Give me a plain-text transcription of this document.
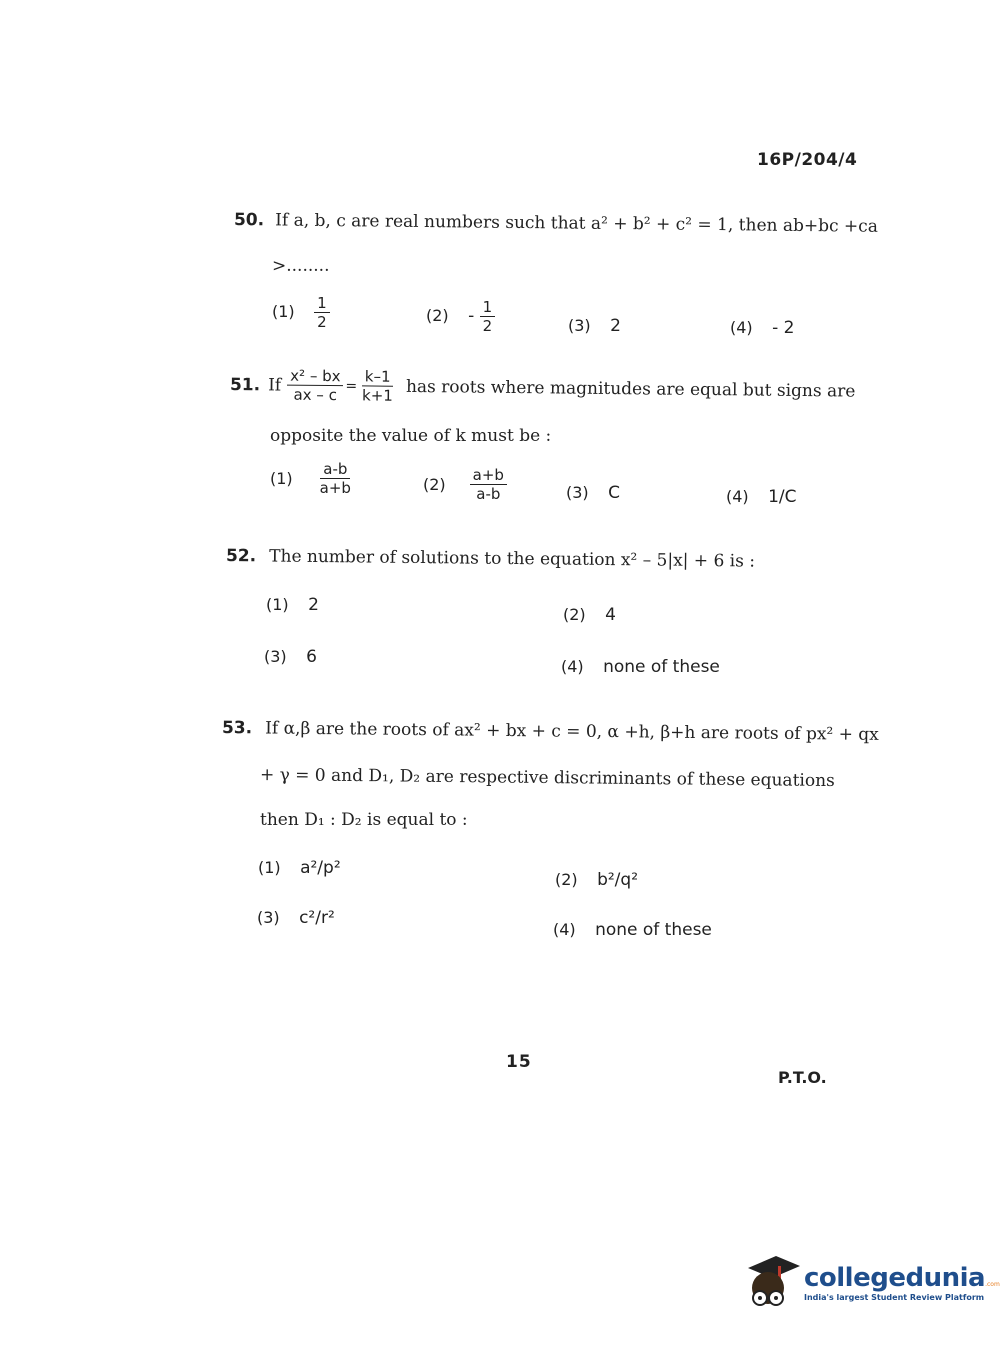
16P/204/4
50. If a, b, c are real numbers such that a² + b² + c² = 1, then ab+bc +ca
>........
$(1) \frac{1}{2}$	$(2) - \frac{1}{2}$	(3) 2	(4) - 2
51. If $\frac{\text{x² – bx}}{ax - c} = \frac{k-1}{k+1}$ has roots where magnitudes are equal but signs are
opposite the value of k must be :
$(1) \frac{a-b}{a+b}$	$(2) \frac{a+b}{a-b}$	(3) C	(4) 1/C
52. The number of solutions to the equation x² – 5|x| + 6 is :
(1) 2	(2) 4
(3) 6	(4) none of these
53. If α,β are the roots of ax² + bx + c = 0, α +h, β+h are roots of px² + qx
+ γ = 0 and D₁, D₂ are respective discriminants of these equations
then D₁ : D₂ is equal to :
(1) a²/p²
(2) b²/q²
(3) c²/r²
(4) none of these
15
P.T.O.
collegedunia.com
India's largest Student Review Platform
